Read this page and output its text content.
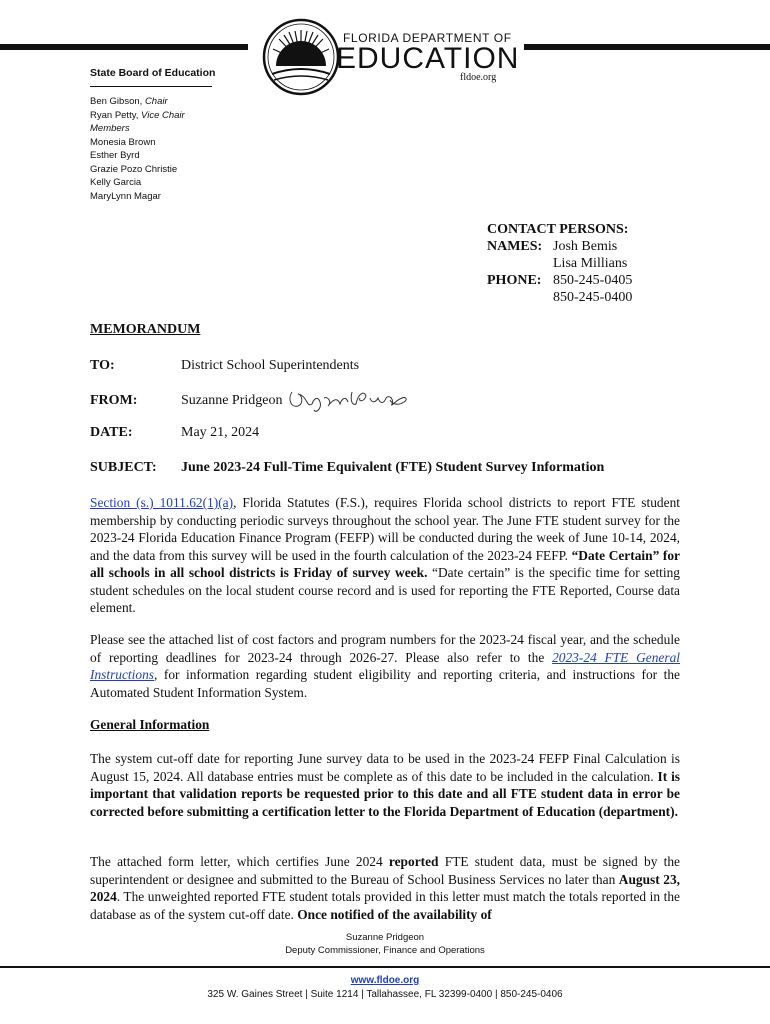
FLORIDA DEPARTMENT OF
EDUCATION
fldoe.org
State Board of Education
Ben Gibson, Chair
Ryan Petty, Vice Chair
Members
Monesia Brown
Esther Byrd
Grazie Pozo Christie
Kelly Garcia
MaryLynn Magar
CONTACT PERSONS:
NAMES: Josh Bemis
Lisa Millians
PHONE: 850-245-0405
850-245-0400
MEMORANDUM
TO:	District School Superintendents
FROM:	Suzanne Pridgeon
DATE:	May 21, 2024
SUBJECT:	June 2023-24 Full-Time Equivalent (FTE) Student Survey Information
Section (s.) 1011.62(1)(a), Florida Statutes (F.S.), requires Florida school districts to report FTE student membership by conducting periodic surveys throughout the school year. The June FTE student survey for the 2023-24 Florida Education Finance Program (FEFP) will be conducted during the week of June 10-14, 2024, and the data from this survey will be used in the fourth calculation of the 2023-24 FEFP. “Date Certain” for all schools in all school districts is Friday of survey week. “Date certain” is the specific time for setting student schedules on the local student course record and is used for reporting the FTE Reported, Course data element.
Please see the attached list of cost factors and program numbers for the 2023-24 fiscal year, and the schedule of reporting deadlines for 2023-24 through 2026-27. Please also refer to the 2023-24 FTE General Instructions, for information regarding student eligibility and reporting criteria, and instructions for the Automated Student Information System.
General Information
The system cut-off date for reporting June survey data to be used in the 2023-24 FEFP Final Calculation is August 15, 2024. All database entries must be complete as of this date to be included in the calculation. It is important that validation reports be requested prior to this date and all FTE student data in error be corrected before submitting a certification letter to the Florida Department of Education (department).
The attached form letter, which certifies June 2024 reported FTE student data, must be signed by the superintendent or designee and submitted to the Bureau of School Business Services no later than August 23, 2024. The unweighted reported FTE student totals provided in this letter must match the totals reported in the database as of the system cut-off date. Once notified of the availability of
Suzanne Pridgeon
Deputy Commissioner, Finance and Operations
www.fldoe.org
325 W. Gaines Street | Suite 1214 | Tallahassee, FL 32399-0400 | 850-245-0406
